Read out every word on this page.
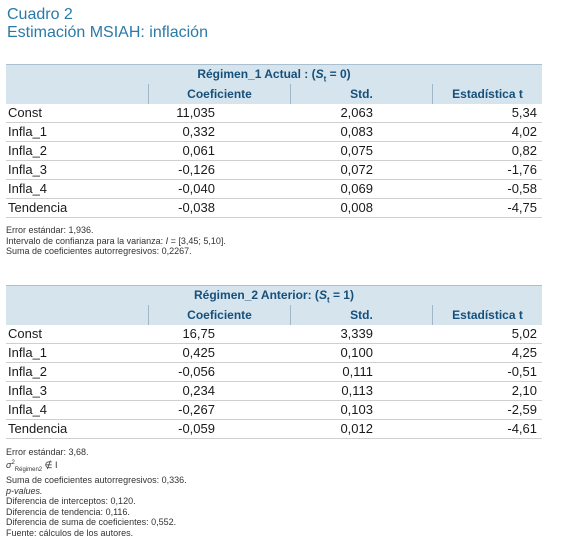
Cuadro 2
Estimación MSIAH: inflación
Régimen_1 Actual : $(S_t = 0)$
Coeficiente	Std.	Estadística t
Const	11,035	2,063	5,34
Infla_1	0,332	0,083	4,02
Infla_2	0,061	0,075	0,82
Infla_3	-0,126	0,072	-1,76
Infla_4	-0,040	0,069	-0,58
Tendencia	-0,038	0,008	-4,75
Error estándar: 1,936.
Intervalo de confianza para la varianza: I = [3,45; 5,10].
Suma de coeficientes autorregresivos: 0,2267.
Régimen_2 Anterior: $(S_t = 1)$
Coeficiente	Std.	Estadística t
Const	16,75	3,339	5,02
Infla_1	0,425	0,100	4,25
Infla_2	-0,056	0,111	-0,51
Infla_3	0,234	0,113	2,10
Infla_4	-0,267	0,103	-2,59
Tendencia	-0,059	0,012	-4,61
Error estándar: 3,68.
$\sigma^2_{Régimen2}$ ∉ I
Suma de coeficientes autorregresivos: 0,336.
p-values.
Diferencia de interceptos: 0,120.
Diferencia de tendencia: 0,116.
Diferencia de suma de coeficientes: 0,552.
Fuente: cálculos de los autores.
